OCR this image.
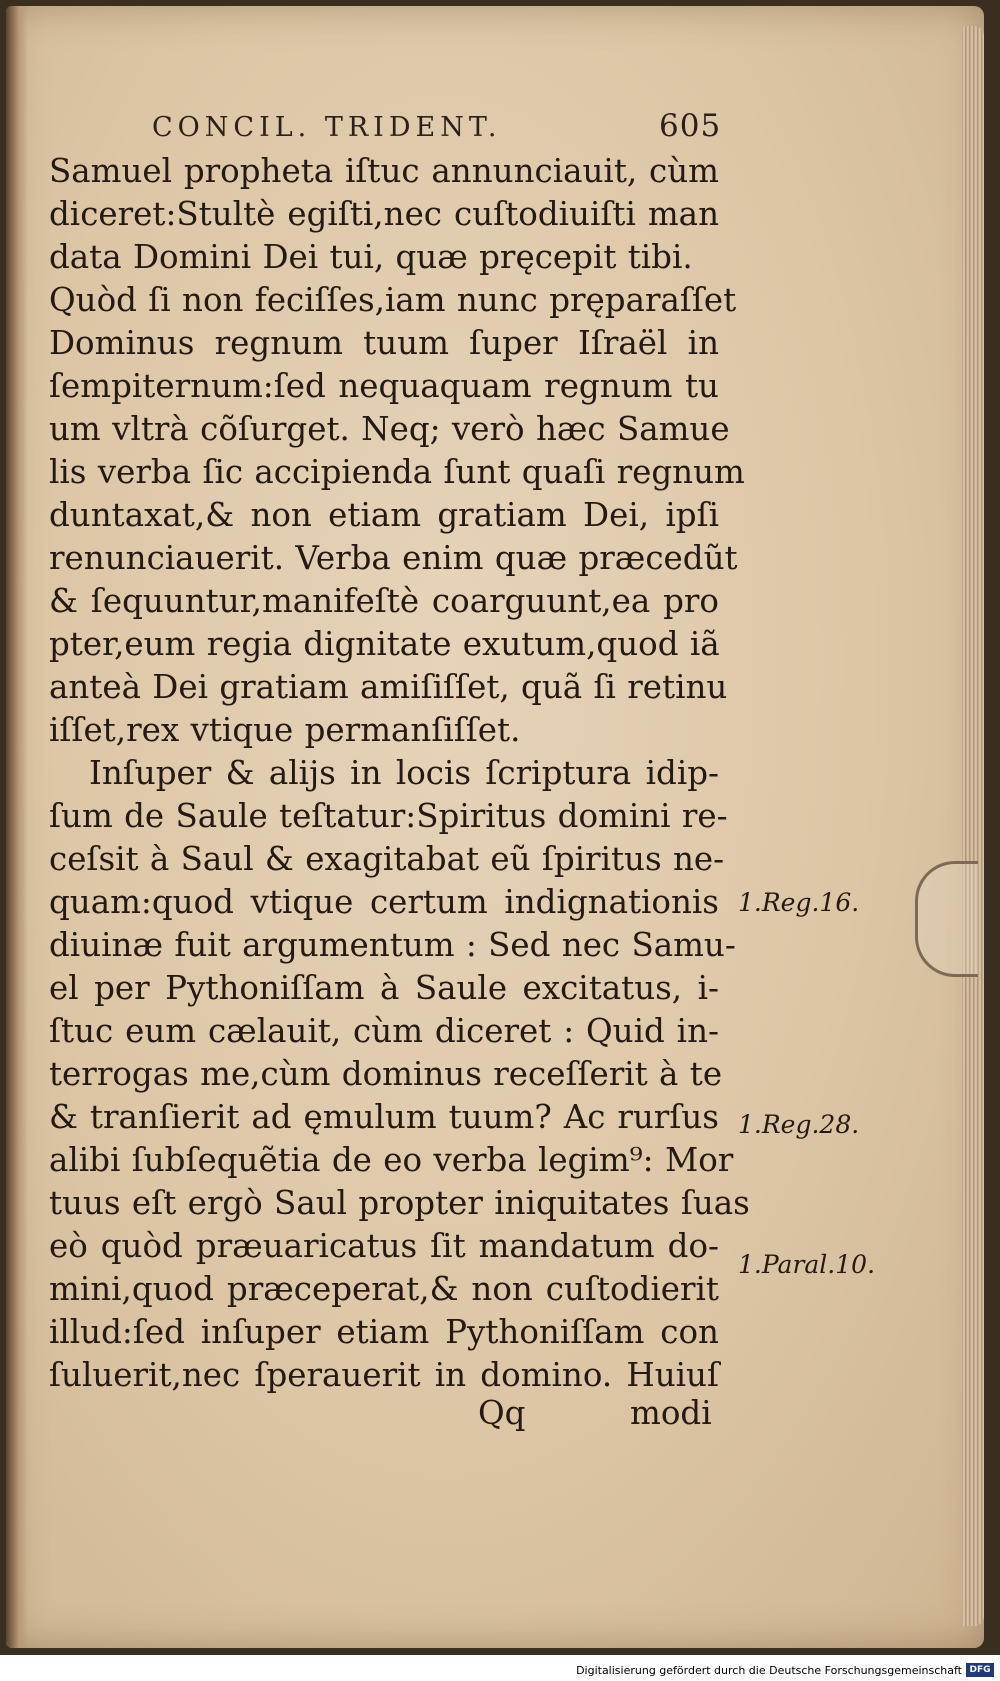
CONCIL. TRIDENT.	605
Samuel propheta iſtuc annunciauit, cùm
diceret:Stultè egiſti,nec cuſtodiuiſti man
data Domini Dei tui, quæ pręcepit tibi.
Quòd ſi non feciſſes,iam nunc pręparaſſet
Dominus regnum tuum ſuper Iſraël in
ſempiternum:ſed nequaquam regnum tu
um vltrà cõſurget. Neq; verò hæc Samue
lis verba ſic accipienda ſunt quaſi regnum
duntaxat,& non etiam gratiam Dei, ipſi
renunciauerit. Verba enim quæ præcedũt
& ſequuntur,manifeſtè coarguunt,ea pro
pter,eum regia dignitate exutum,quod iã
anteà Dei gratiam amiſiſſet, quã ſi retinu
iſſet,rex vtique permanſiſſet.
Inſuper & alijs in locis ſcriptura idip-
ſum de Saule teſtatur:Spiritus domini re-
ceſsit à Saul & exagitabat eũ ſpiritus ne-
quam:quod vtique certum indignationis
diuinæ fuit argumentum : Sed nec Samu-
el per Pythoniſſam à Saule excitatus, i-
ſtuc eum cælauit, cùm diceret : Quid in-
terrogas me,cùm dominus receſſerit à te
& tranſierit ad ęmulum tuum? Ac rurſus
alibi ſubſequẽtia de eo verba legim⁹: Mor
tuus eſt ergò Saul propter iniquitates ſuas
eò quòd præuaricatus ſit mandatum do-
mini,quod præceperat,& non cuſtodierit
illud:ſed inſuper etiam Pythoniſſam con
ſuluerit,nec ſperauerit in domino. Huiuſ
Qq	modi
1.Reg.16.
1.Reg.28.
1.Paral.10.
Digitalisierung gefördert durch die Deutsche Forschungsgemeinschaft DFG
